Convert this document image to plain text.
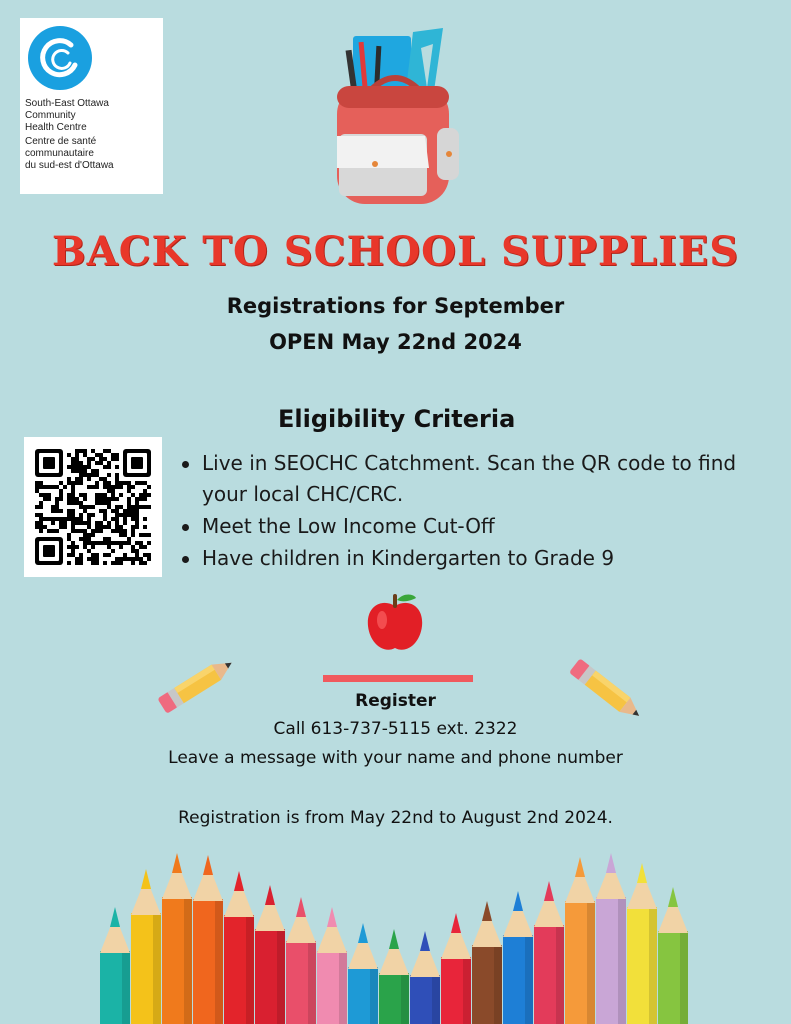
South-East Ottawa
Community
Health Centre
Centre de santé
communautaire
du sud-est d'Ottawa
BACK TO SCHOOL SUPPLIES
Registrations for September
OPEN May 22nd 2024
Eligibility Criteria
Live in SEOCHC Catchment. Scan the QR code to find your local CHC/CRC.
Meet the Low Income Cut-Off
Have children in Kindergarten to Grade 9
Register
Call 613-737-5115 ext. 2322
Leave a message with your name and phone number
Registration is from May 22nd to August 2nd 2024.
